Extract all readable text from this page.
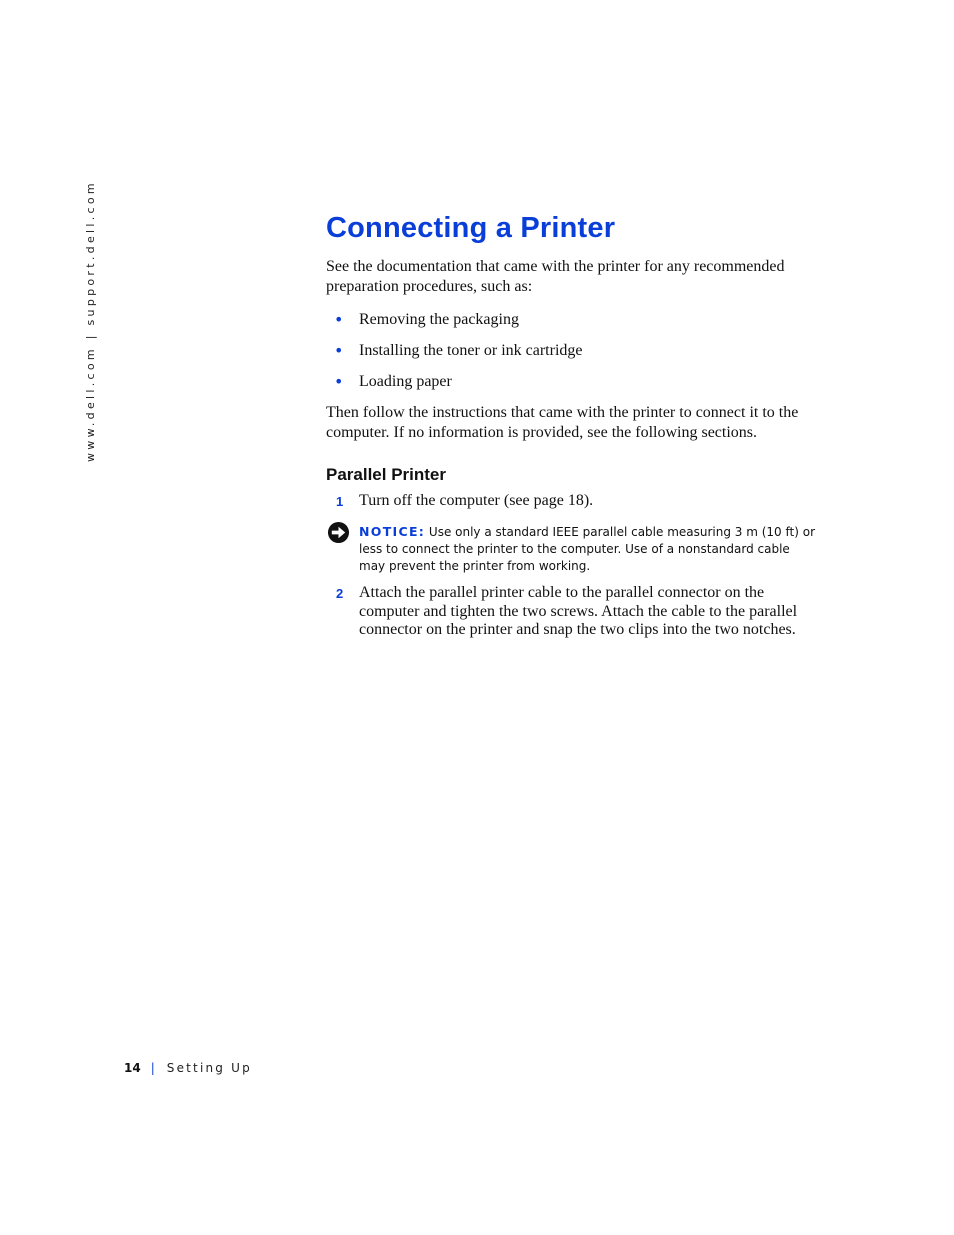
www.dell.com | support.dell.com	Connecting a Printer

See the documentation that came with the printer for any recommended preparation procedures, such as:

• Removing the packaging
• Installing the toner or ink cartridge
• Loading paper

Then follow the instructions that came with the printer to connect it to the computer. If no information is provided, see the following sections.

Parallel Printer
1 Turn off the computer (see page 18).

NOTICE: Use only a standard IEEE parallel cable measuring 3 m (10 ft) or less to connect the printer to the computer. Use of a nonstandard cable may prevent the printer from working.

2 Attach the parallel printer cable to the parallel connector on the computer and tighten the two screws. Attach the cable to the parallel connector on the printer and snap the two clips into the two notches.

14 | Setting Up
